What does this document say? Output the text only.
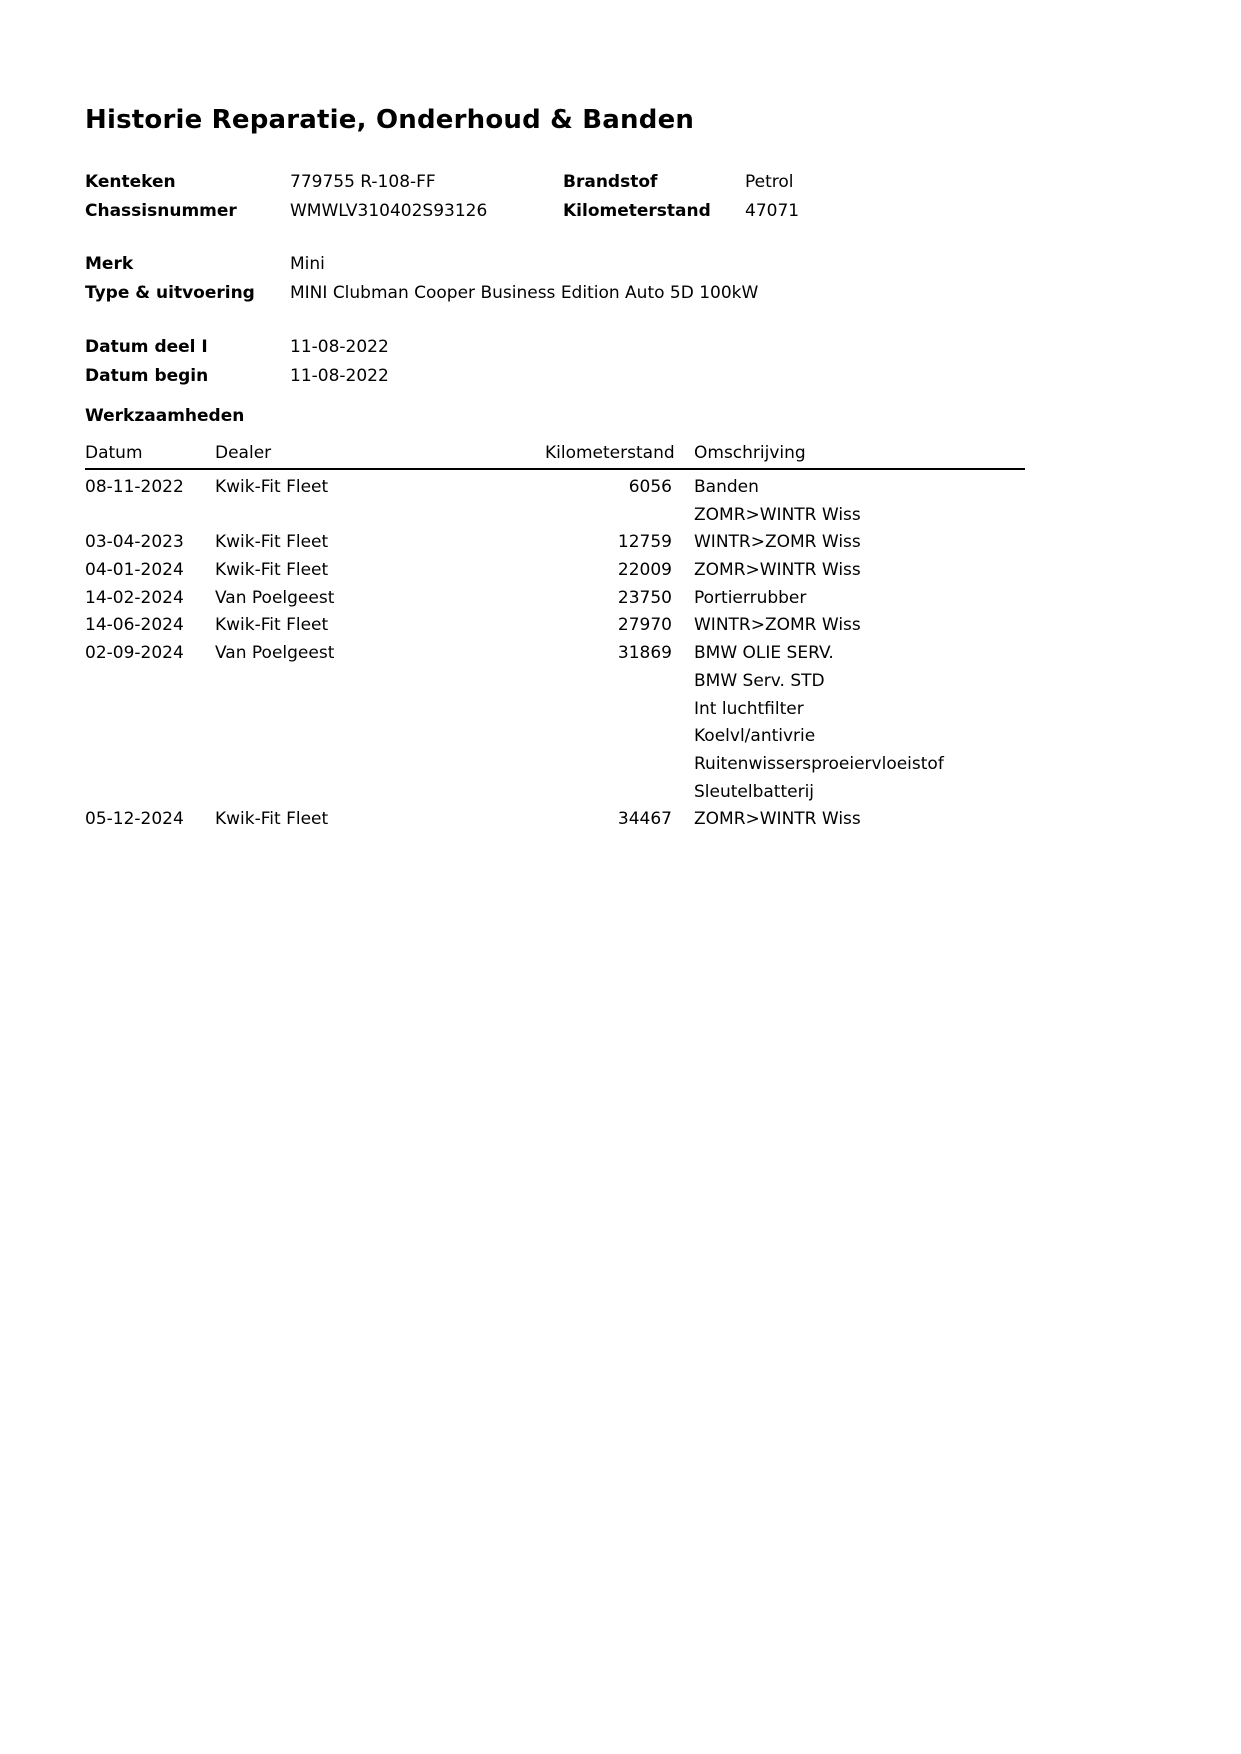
Historie Reparatie, Onderhoud & Banden
Kenteken	779755 R-108-FF	Brandstof	Petrol
Chassisnummer	WMWLV310402S93126	Kilometerstand	47071
Merk	Mini
Type & uitvoering	MINI Clubman Cooper Business Edition Auto 5D 100kW
Datum deel I	11-08-2022
Datum begin	11-08-2022
Werkzaamheden
Datum	Dealer	Kilometerstand	Omschrijving
08-11-2022	Kwik-Fit Fleet	6056	Banden
ZOMR>WINTR Wiss
03-04-2023	Kwik-Fit Fleet	12759	WINTR>ZOMR Wiss
04-01-2024	Kwik-Fit Fleet	22009	ZOMR>WINTR Wiss
14-02-2024	Van Poelgeest	23750	Portierrubber
14-06-2024	Kwik-Fit Fleet	27970	WINTR>ZOMR Wiss
02-09-2024	Van Poelgeest	31869	BMW OLIE SERV.
BMW Serv. STD
Int luchtfilter
Koelvl/antivrie
Ruitenwissersproeiervloeistof
Sleutelbatterij
05-12-2024	Kwik-Fit Fleet	34467	ZOMR>WINTR Wiss
